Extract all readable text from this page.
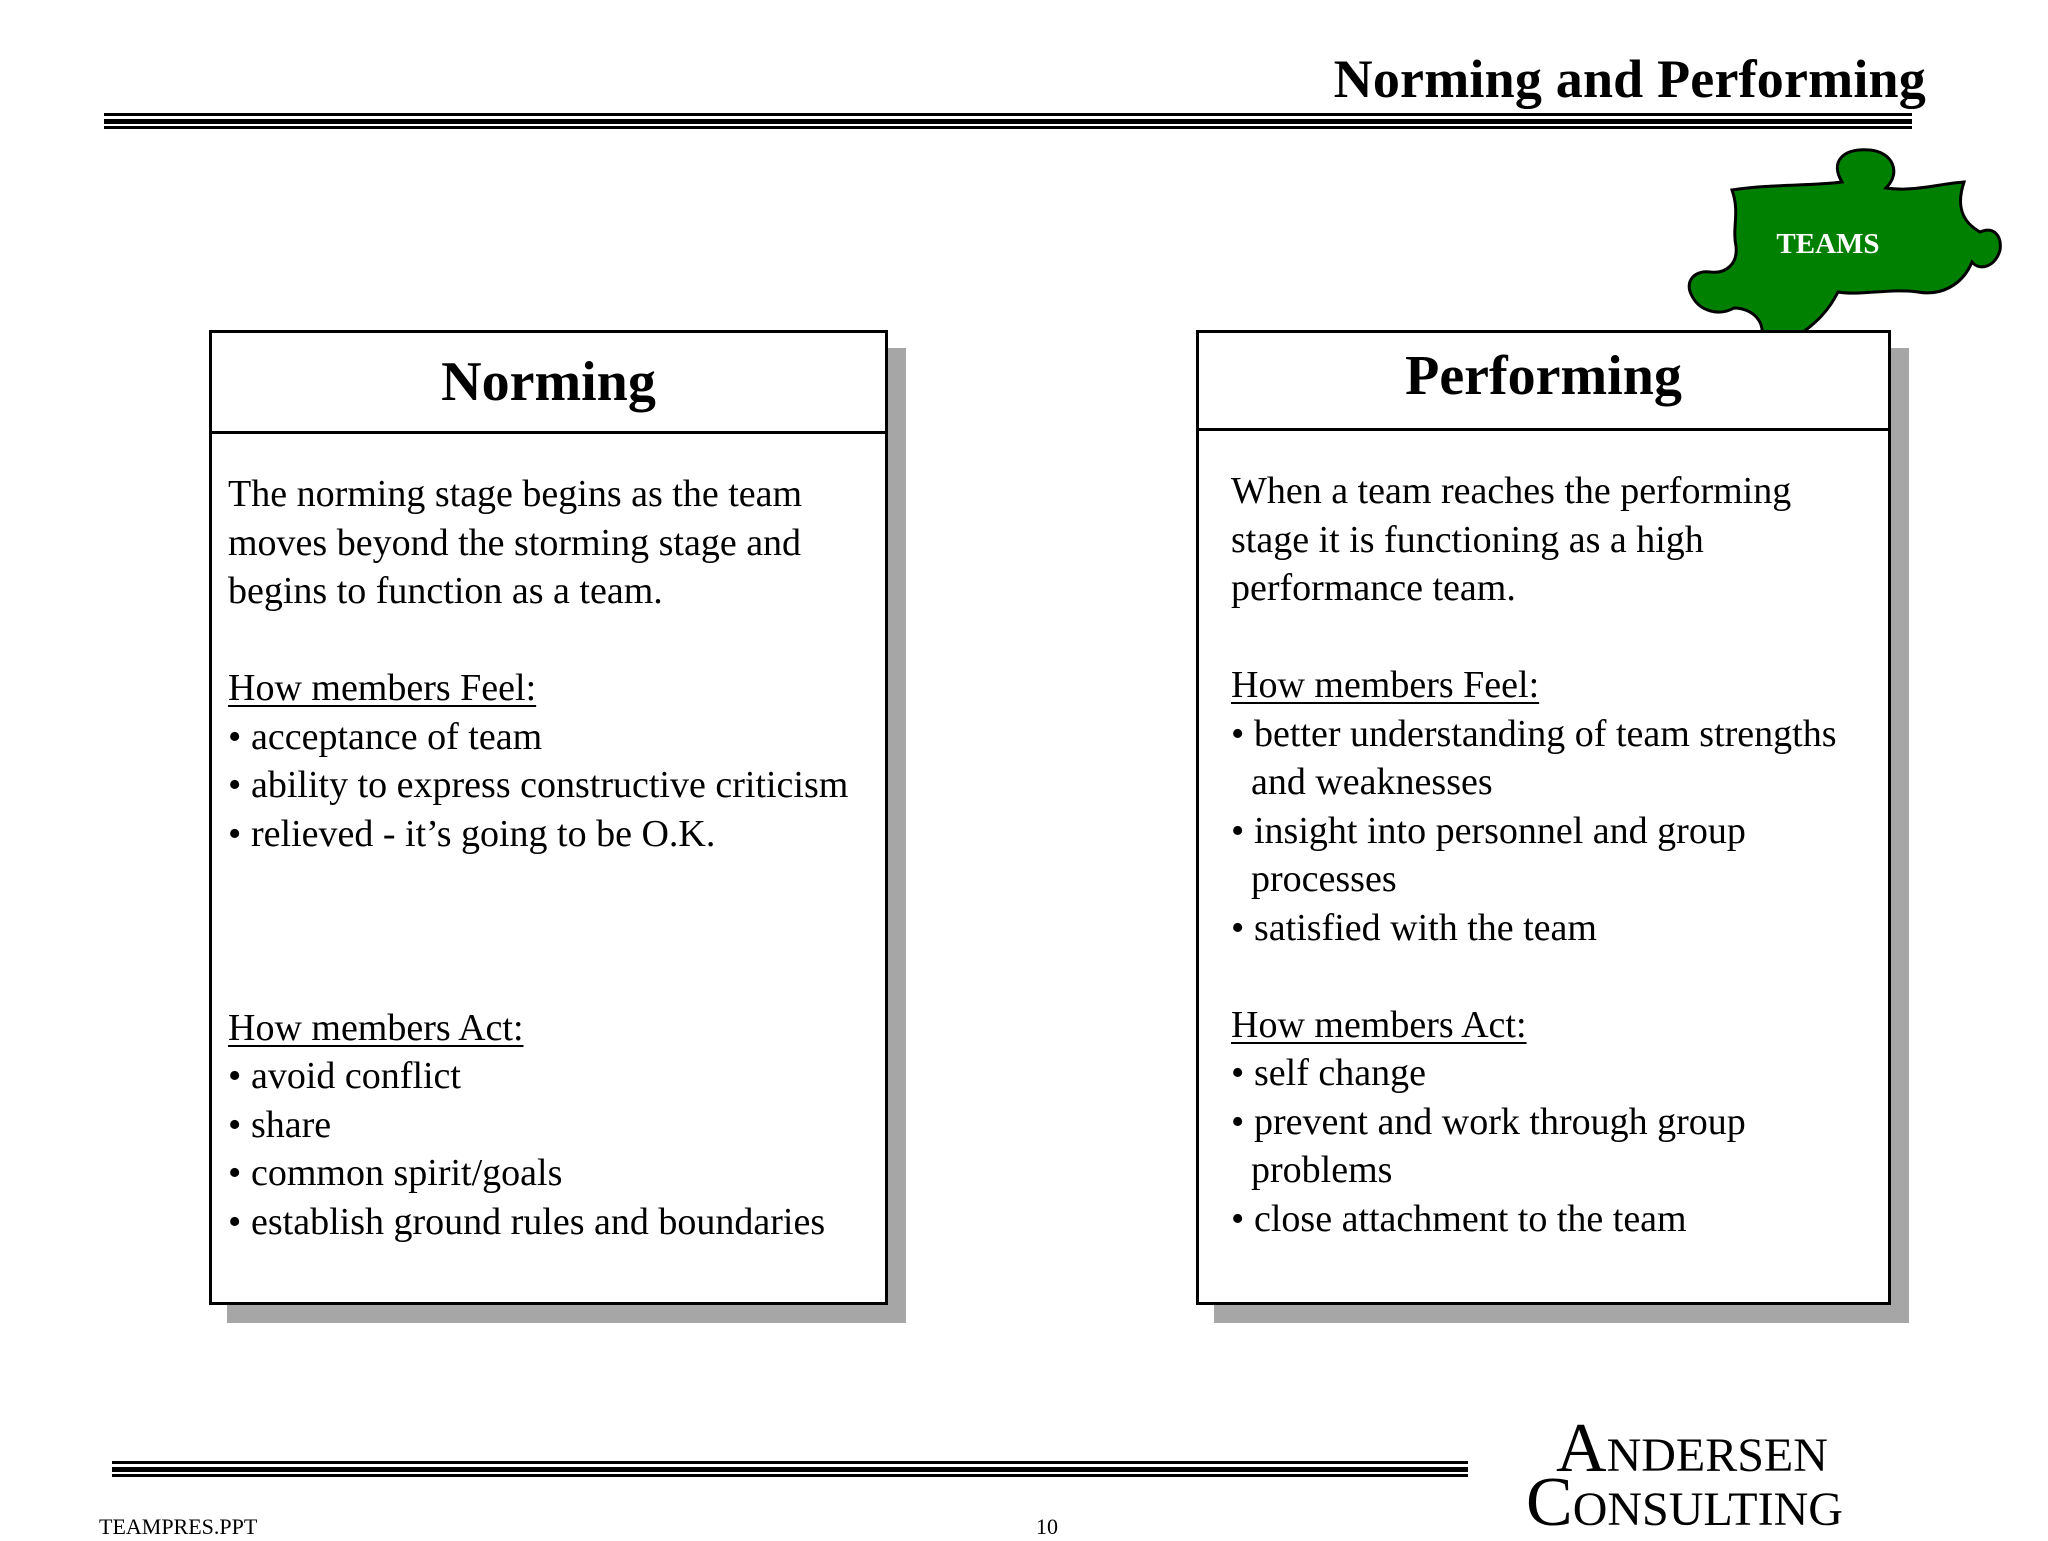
Norming and Performing
TEAMS
Norming
The norming stage begins as the team
moves beyond the storming stage and
begins to function as a team.
How members Feel:
• acceptance of team
• ability to express constructive criticism
• relieved - it’s going to be O.K.
How members Act:
• avoid conflict
• share
• common spirit/goals
• establish ground rules and boundaries
Performing
When a team reaches the performing
stage it is functioning as a high
performance team.
How members Feel:
• better understanding of team strengths
and weaknesses
• insight into personnel and group
processes
• satisfied with the team
How members Act:
• self change
• prevent and work through group
problems
• close attachment to the team
TEAMPRES.PPT	10
ANDERSEN
CONSULTING
